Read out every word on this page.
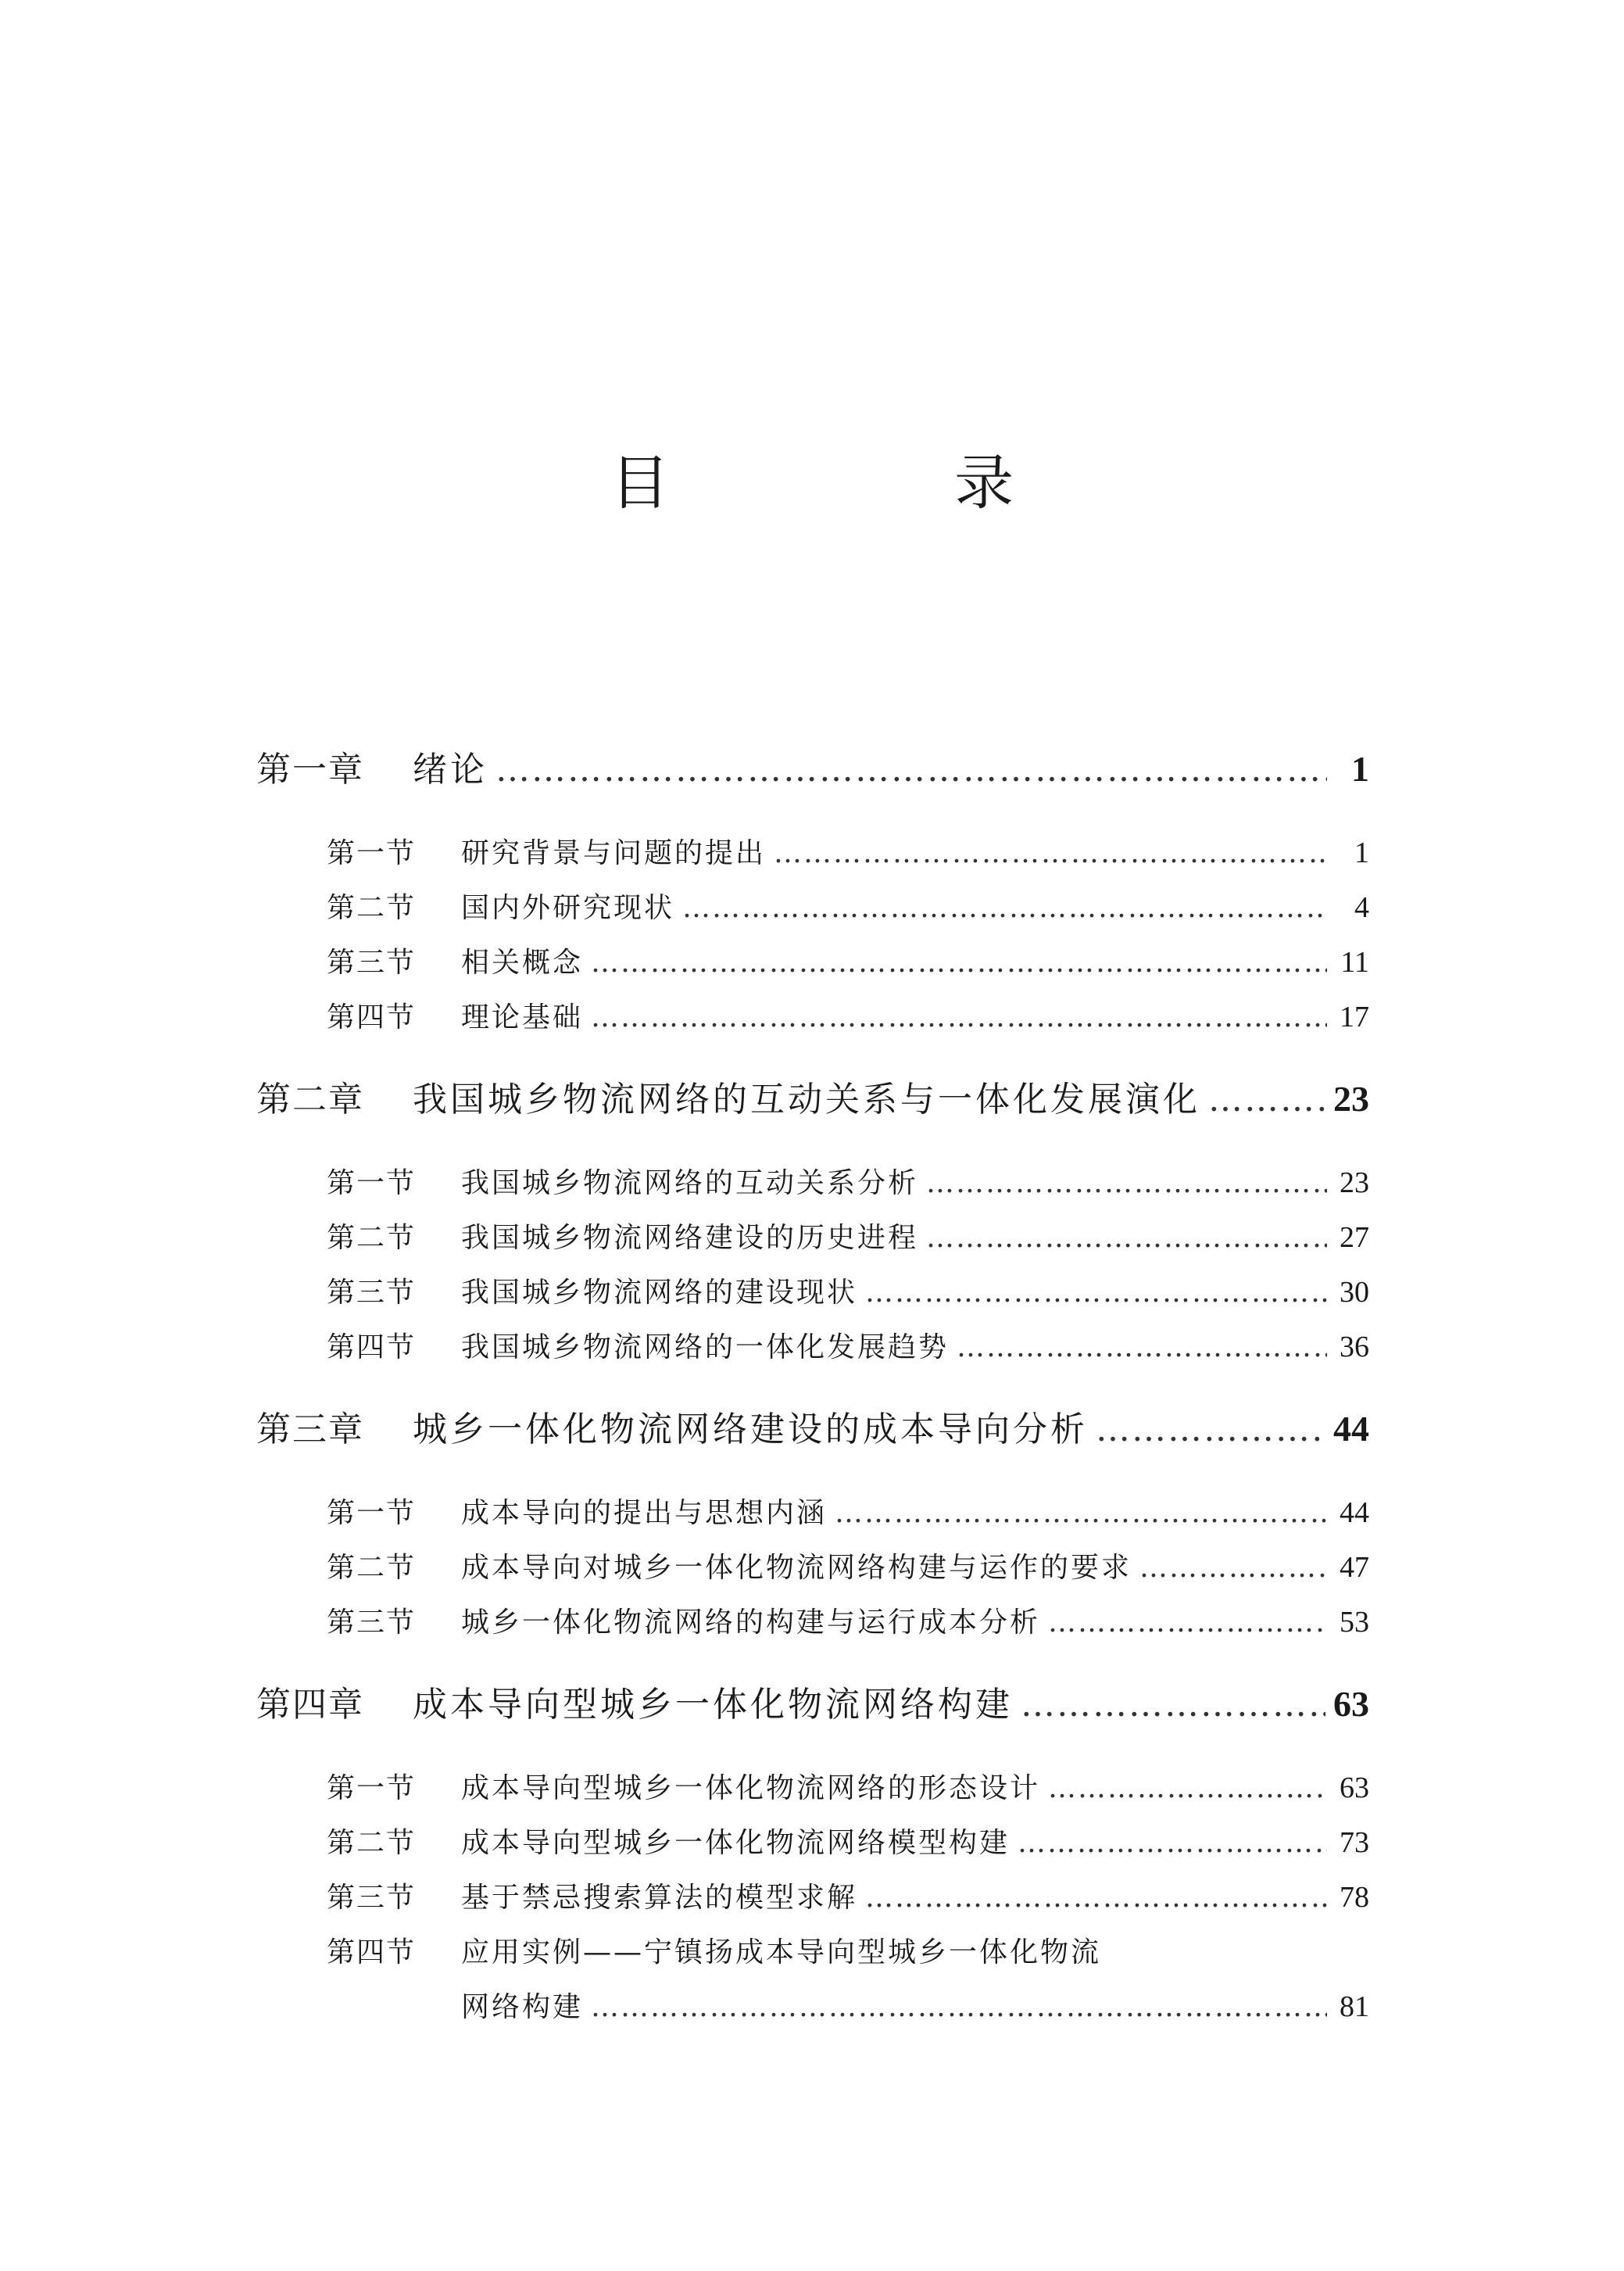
目 录
第一章	绪论 …………………………………………………………………………………………………………………………………………………………	1
第一节	研究背景与问题的提出 …………………………………………………………………………………………………………………………………………………………	1
第二节	国内外研究现状 …………………………………………………………………………………………………………………………………………………………	4
第三节	相关概念 …………………………………………………………………………………………………………………………………………………………	11
第四节	理论基础 …………………………………………………………………………………………………………………………………………………………	17
第二章	我国城乡物流网络的互动关系与一体化发展演化 …………………………………………………………………………………………………………………………………………………………	23
第一节	我国城乡物流网络的互动关系分析 …………………………………………………………………………………………………………………………………………………………	23
第二节	我国城乡物流网络建设的历史进程 …………………………………………………………………………………………………………………………………………………………	27
第三节	我国城乡物流网络的建设现状 …………………………………………………………………………………………………………………………………………………………	30
第四节	我国城乡物流网络的一体化发展趋势 …………………………………………………………………………………………………………………………………………………………	36
第三章	城乡一体化物流网络建设的成本导向分析 …………………………………………………………………………………………………………………………………………………………	44
第一节	成本导向的提出与思想内涵 …………………………………………………………………………………………………………………………………………………………	44
第二节	成本导向对城乡一体化物流网络构建与运作的要求 …………………………………………………………………………………………………………………………………………………………	47
第三节	城乡一体化物流网络的构建与运行成本分析 …………………………………………………………………………………………………………………………………………………………	53
第四章	成本导向型城乡一体化物流网络构建 …………………………………………………………………………………………………………………………………………………………	63
第一节	成本导向型城乡一体化物流网络的形态设计 …………………………………………………………………………………………………………………………………………………………	63
第二节	成本导向型城乡一体化物流网络模型构建 …………………………………………………………………………………………………………………………………………………………	73
第三节	基于禁忌搜索算法的模型求解 …………………………………………………………………………………………………………………………………………………………	78
第四节	应用实例——宁镇扬成本导向型城乡一体化物流
网络构建 …………………………………………………………………………………………………………………………………………………………	81
